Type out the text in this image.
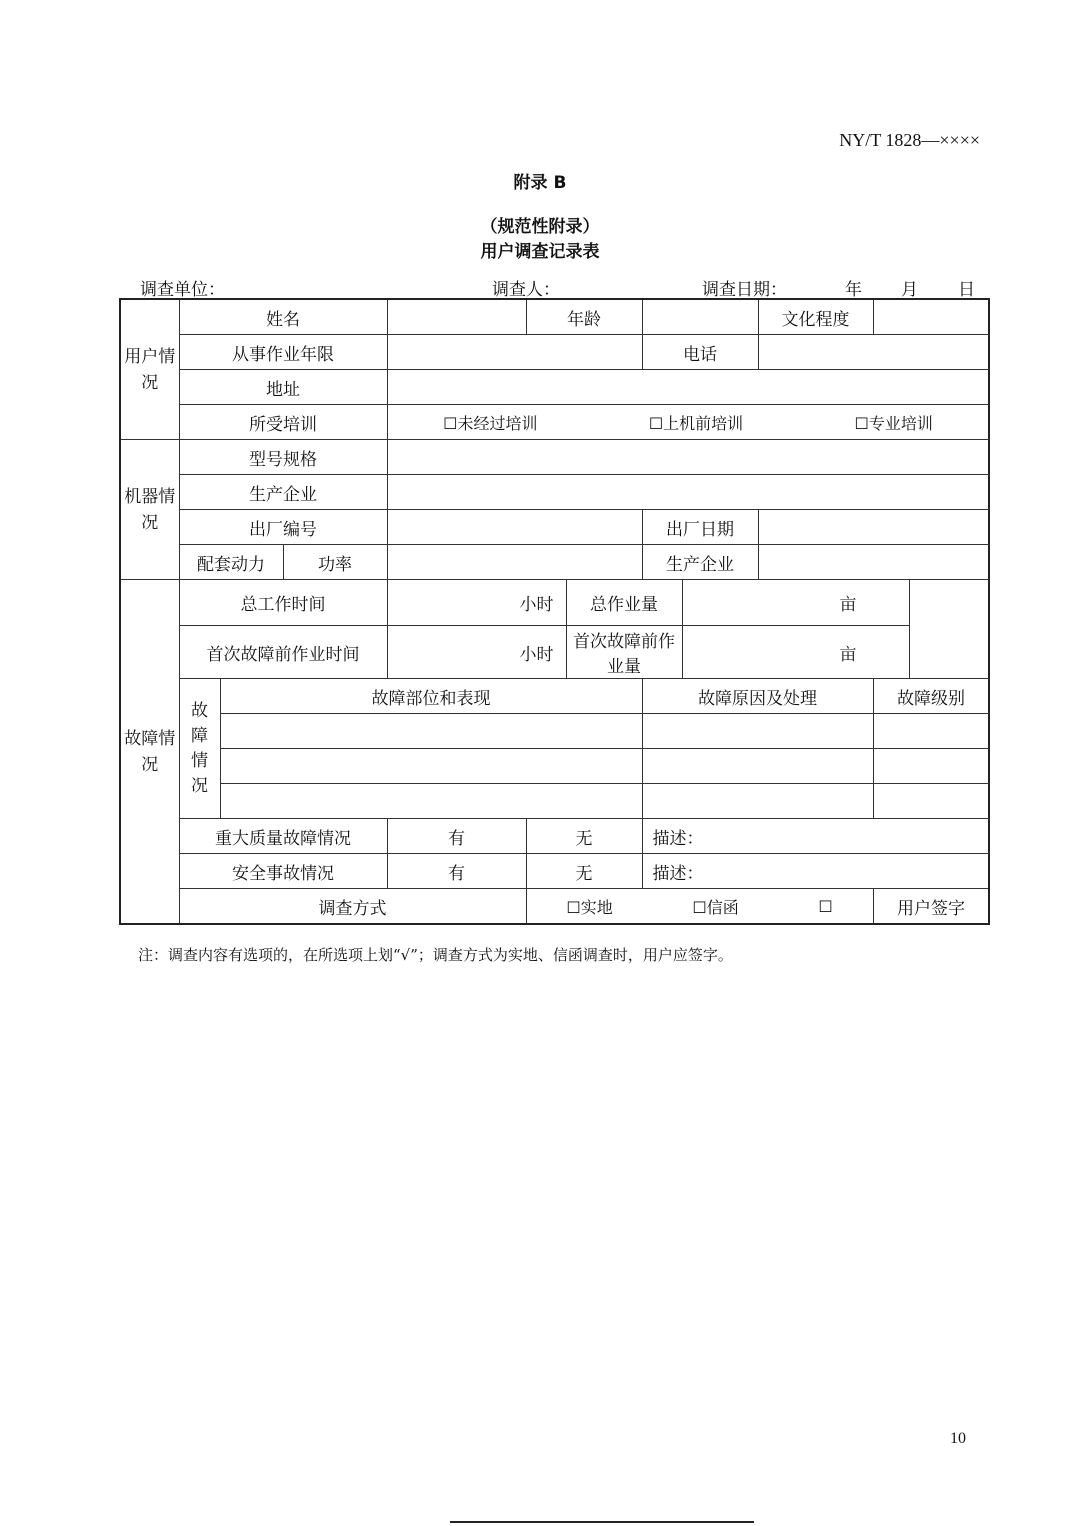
NY/T 1828—××××
附录 B
（规范性附录）
用户调查记录表
调查单位：	调查人：	调查日期：	年 月 日
用户情况	姓名				年龄				文化程度		
	从事作业年限						电话				
	地址										
	所受培训			☐未经过培训 ☐上机前培训 ☐专业培训							

机器情况	型号规格										
	生产企业										
	出厂编号						出厂日期				
	配套动力		功率				生产企业				

故障情况	总工作时间			小时		总作业量		亩			
	首次故障前作业时间			小时		首次故障前作业量		亩			

	故障情况	故障部位和表现					故障原因及处理			故障级别	

	重大质量故障情况			有	无		描述：				
	安全事故情况			有	无		描述：				
	调查方式				☐实地 ☐信函 ☐					用户签字	
注：调查内容有选项的，在所选项上划“√”；调查方式为实地、信函调查时，用户应签字。
10
